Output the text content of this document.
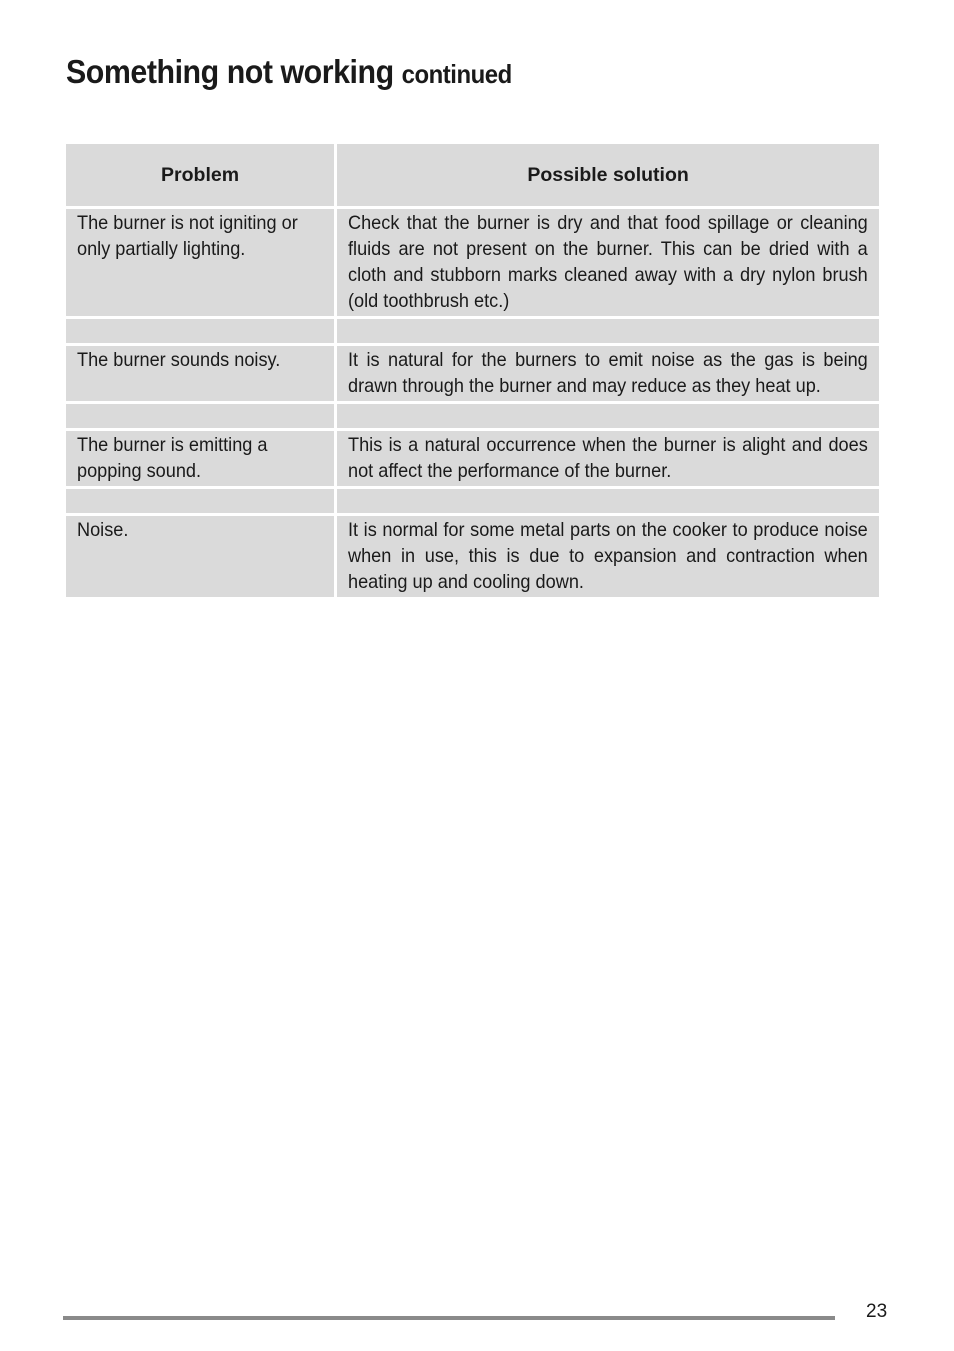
Something not working continued
Problem	Possible solution

The burner is not igniting or only partially lighting.	Check that the burner is dry and that food spillage or cleaning fluids are not present on the burner. This can be dried with a cloth and stubborn marks cleaned away with a dry nylon brush (old toothbrush etc.)

The burner sounds noisy.	It is natural for the burners to emit noise as the gas is being drawn through the burner and may reduce as they heat up.

The burner is emitting a popping sound.	This is a natural occurrence when the burner is alight and does not affect the performance of the burner.

Noise.	It is normal for some metal parts on the cooker to produce noise when in use, this is due to expansion and contraction when heating up and cooling down.
23
